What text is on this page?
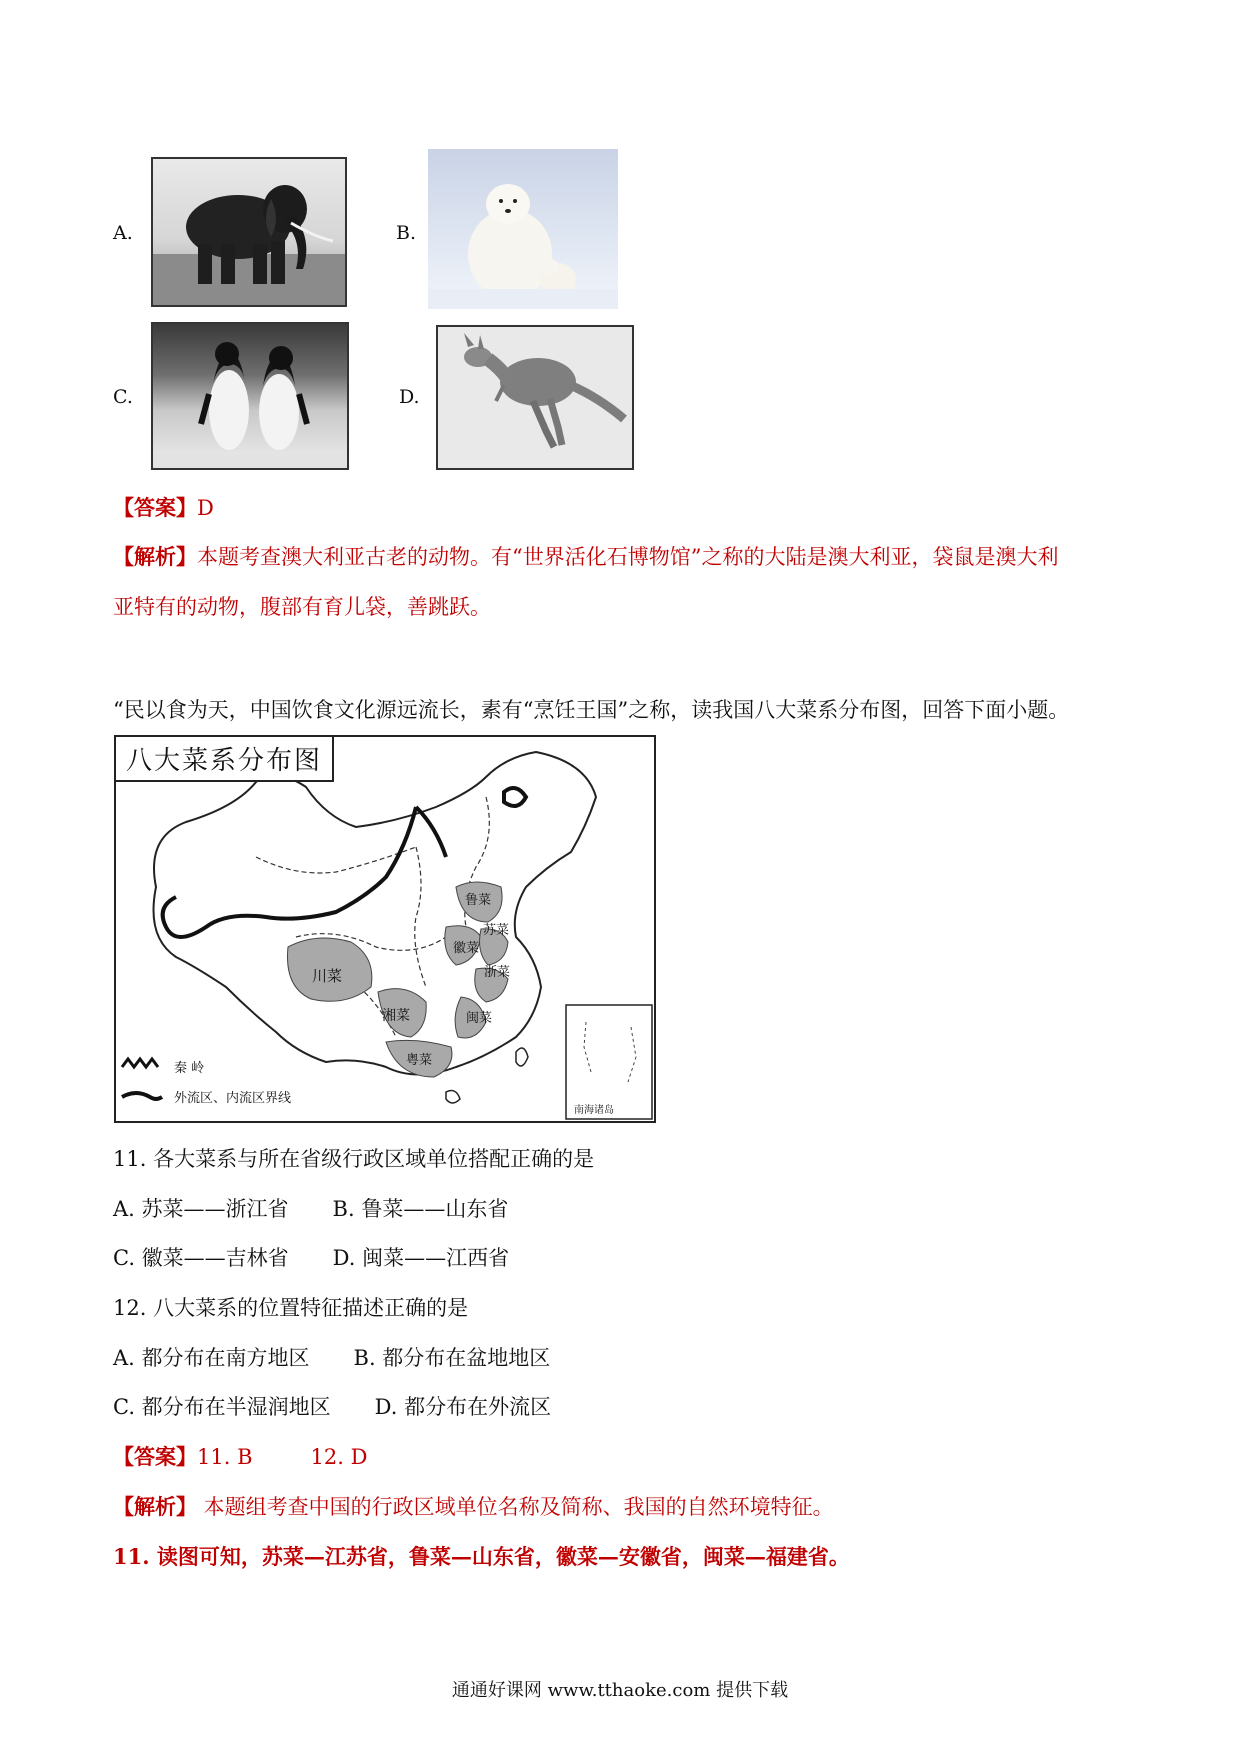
A.	B.
C.	D.
【答案】D
【解析】本题考查澳大利亚古老的动物。有“世界活化石博物馆”之称的大陆是澳大利亚，袋鼠是澳大利
亚特有的动物，腹部有育儿袋，善跳跃。
“民以食为天，中国饮食文化源远流长，素有“烹饪王国”之称，读我国八大菜系分布图，回答下面小题。
八大菜系分布图
鲁菜
苏菜
徽菜
浙菜
川菜
湘菜	闽菜
粤菜
秦 岭
外流区、内流区界线
南海诸岛
11. 各大菜系与所在省级行政区域单位搭配正确的是
A. 苏菜——浙江省 B. 鲁菜——山东省
C. 徽菜——吉林省 D. 闽菜——江西省
12. 八大菜系的位置特征描述正确的是
A. 都分布在南方地区 B. 都分布在盆地地区
C. 都分布在半湿润地区 D. 都分布在外流区
【答案】11. B	12. D
【解析】 本题组考查中国的行政区域单位名称及简称、我国的自然环境特征。
11. 读图可知，苏菜—江苏省，鲁菜—山东省，徽菜—安徽省，闽菜—福建省。
通通好课网 www.tthaoke.com 提供下载
